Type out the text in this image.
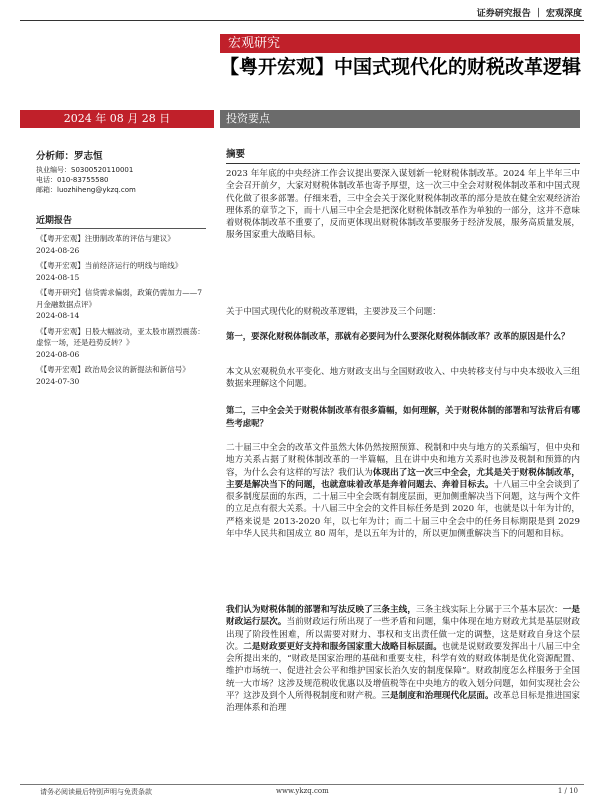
证券研究报告 ｜ 宏观深度
宏观研究
【粤开宏观】中国式现代化的财税改革逻辑
2024 年 08 月 28 日	投资要点
分析师：罗志恒
执业编号：S0300520110001
电话：010-83755580
邮箱：luozhiheng@ykzq.com
近期报告
《【粤开宏观】注册制改革的评估与建议》
2024-08-26
《【粤开宏观】当前经济运行的明线与暗线》
2024-08-15
《【粤开研究】信贷需求偏弱，政策仍需加力——7 月金融数据点评》
2024-08-14
《【粤开宏观】日股大幅波动，亚太股市剧烈震荡：虚惊一场，还是趋势反转？》
2024-08-06
《【粤开宏观】政治局会议的新提法和新信号》
2024-07-30
摘要
2023 年年底的中央经济工作会议提出要深入谋划新一轮财税体制改革。2024 年上半年三中全会召开前夕，大家对财税体制改革也寄予厚望，这一次三中全会对财税体制改革和中国式现代化做了很多部署。仔细来看，三中全会关于深化财税体制改革的部分是放在健全宏观经济治理体系的章节之下，而十八届三中全会是把深化财税体制改革作为单独的一部分，这并不意味着财税体制改革不重要了，反而更体现出财税体制改革要服务于经济发展，服务高质量发展，服务国家重大战略目标。
关于中国式现代化的财税改革逻辑，主要涉及三个问题：
第一，要深化财税体制改革，那就有必要问为什么要深化财税体制改革？改革的原因是什么？
本文从宏观税负水平变化、地方财政支出与全国财政收入、中央转移支付与中央本级收入三组数据来理解这个问题。
第二，三中全会关于财税体制改革有很多篇幅，如何理解，关于财税体制的部署和写法背后有哪些考虑呢？
二十届三中全会的改革文件虽然大体仍然按照预算、税制和中央与地方的关系编写，但中央和地方关系占据了财税体制改革的一半篇幅，且在讲中央和地方关系时也涉及税制和预算的内容，为什么会有这样的写法？我们认为体现出了这一次三中全会，尤其是关于财税体制改革，主要是解决当下的问题，也就意味着改革是奔着问题去、奔着目标去。十八届三中全会谈到了很多制度层面的东西，二十届三中全会既有制度层面，更加侧重解决当下问题，这与两个文件的立足点有很大关系。十八届三中全会的文件目标任务是到 2020 年，也就是以十年为计的，严格来说是 2013-2020 年，以七年为计；而二十届三中全会中的任务目标期限是到 2029 年中华人民共和国成立 80 周年，是以五年为计的，所以更加侧重解决当下的问题和目标。
我们认为财税体制的部署和写法反映了三条主线，三条主线实际上分属于三个基本层次：一是财政运行层次。当前财政运行所出现了一些矛盾和问题，集中体现在地方财政尤其是基层财政出现了阶段性困难，所以需要对财力、事权和支出责任做一定的调整，这是财政自身这个层次。二是财政要更好支持和服务国家重大战略目标层面。也就是说财政要发挥出十八届三中全会所提出来的，“财政是国家治理的基础和重要支柱，科学有效的财政体制是优化资源配置、维护市场统一、促进社会公平和维护国家长治久安的制度保障”。财政制度怎么样服务于全国统一大市场？这涉及规范税收优惠以及增值税等在中央地方的收入划分问题，如何实现社会公平？这涉及到个人所得税制度和财产税。三是制度和治理现代化层面。改革总目标是推进国家治理体系和治理
请务必阅读最后特别声明与免责条款	www.ykzq.com	1 / 10
